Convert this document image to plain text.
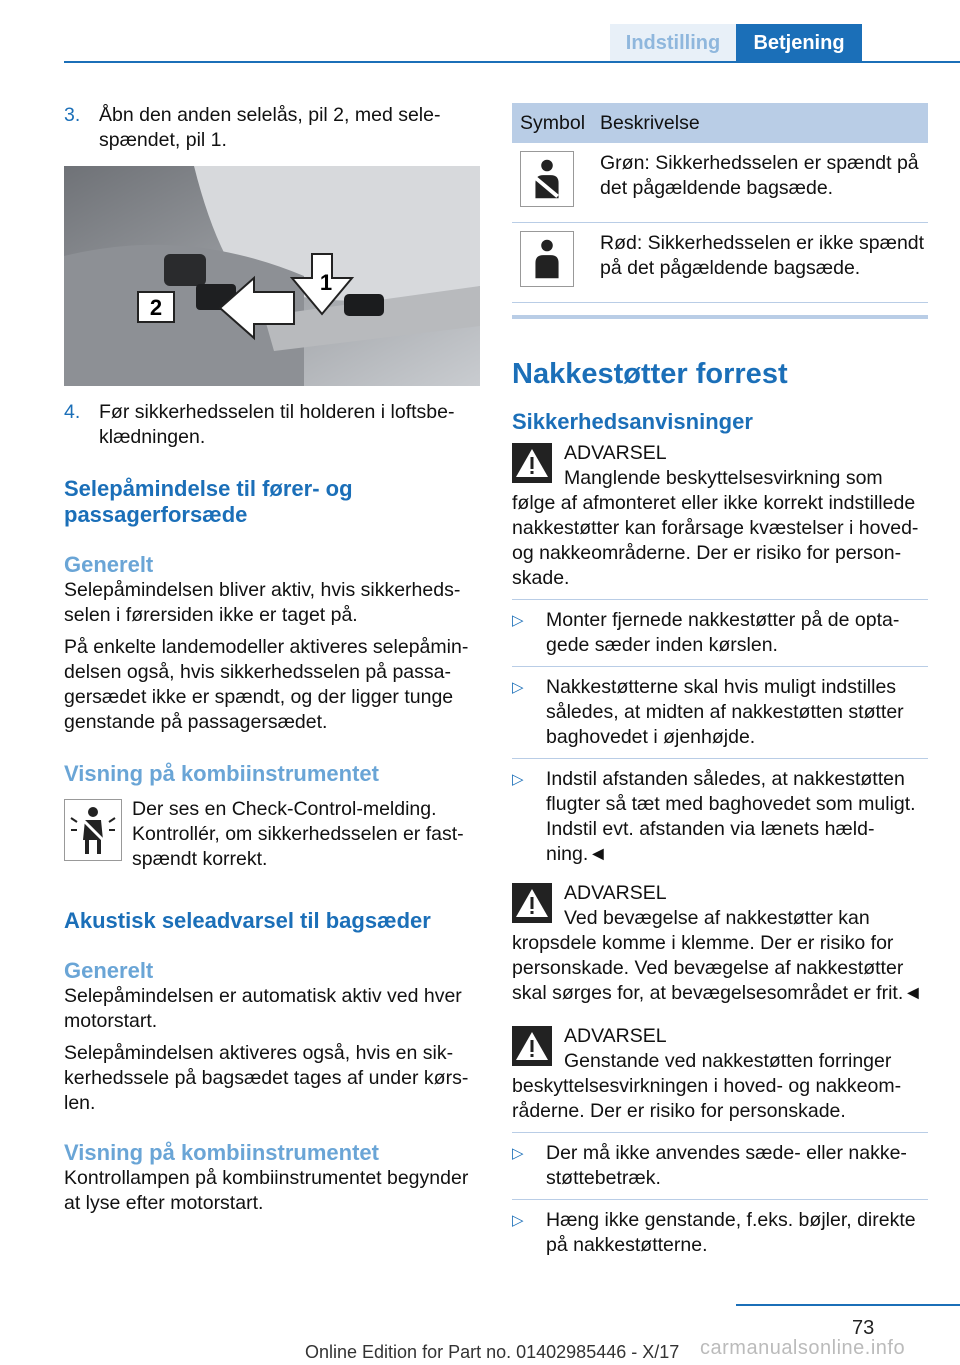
Indstilling	Betjening
3. Åbn den anden selelås, pil 2, med selespændet, pil 1.
2
1
4. Før sikkerhedsselen til holderen i loftsbeklædningen.
Selepåmindelse til fører- og passagerforsæde
Generelt

Selepåmindelsen bliver aktiv, hvis sikkerhedsselen i førersiden ikke er taget på.

På enkelte landemodeller aktiveres selepåmindelsen også, hvis sikkerhedsselen på passagersædet ikke er spændt, og der ligger tunge genstande på passagersædet.

Visning på kombiinstrumentet

Der ses en Check-Control-melding. Kontrollér, om sikkerhedsselen er fastspændt korrekt.

Akustisk seleadvarsel til bagsæder
Generelt

Selepåmindelsen er automatisk aktiv ved hver motorstart.

Selepåmindelsen aktiveres også, hvis en sikkerhedssele på bagsædet tages af under kørslen.

Visning på kombiinstrumentet

Kontrollampen på kombiinstrumentet begynder at lyse efter motorstart.

Symbol	Beskrivelse
	Grøn: Sikkerhedsselen er spændt på det pågældende bagsæde.
	Rød: Sikkerhedsselen er ikke spændt på det pågældende bagsæde.
Nakkestøtter forrest
Sikkerhedsanvisninger
ADVARSEL

Manglende beskyttelsesvirkning som følge af afmonteret eller ikke korrekt indstillede nakkestøtter kan forårsage kvæstelser i hoved- og nakkeområderne. Der er risiko for personskade.

▷ Monter fjernede nakkestøtter på de optagede sæder inden kørslen.
▷ Nakkestøtterne skal hvis muligt indstilles således, at midten af nakkestøtten støtter baghovedet i øjenhøjde.
▷ Indstil afstanden således, at nakkestøtten flugter så tæt med baghovedet som muligt. Indstil evt. afstanden via lænets hældning.◄
ADVARSEL

Ved bevægelse af nakkestøtter kan kropsdele komme i klemme. Der er risiko for personskade. Ved bevægelse af nakkestøtter skal sørges for, at bevægelsesområdet er frit.◄

ADVARSEL

Genstande ved nakkestøtten forringer beskyttelsesvirkningen i hoved- og nakkeområderne. Der er risiko for personskade.

▷ Der må ikke anvendes sæde- eller nakkestøttebetræk.
▷ Hæng ikke genstande, f.eks. bøjler, direkte på nakkestøtterne.
73
carmanualsonline.info
Online Edition for Part no. 01402985446 - X/17
